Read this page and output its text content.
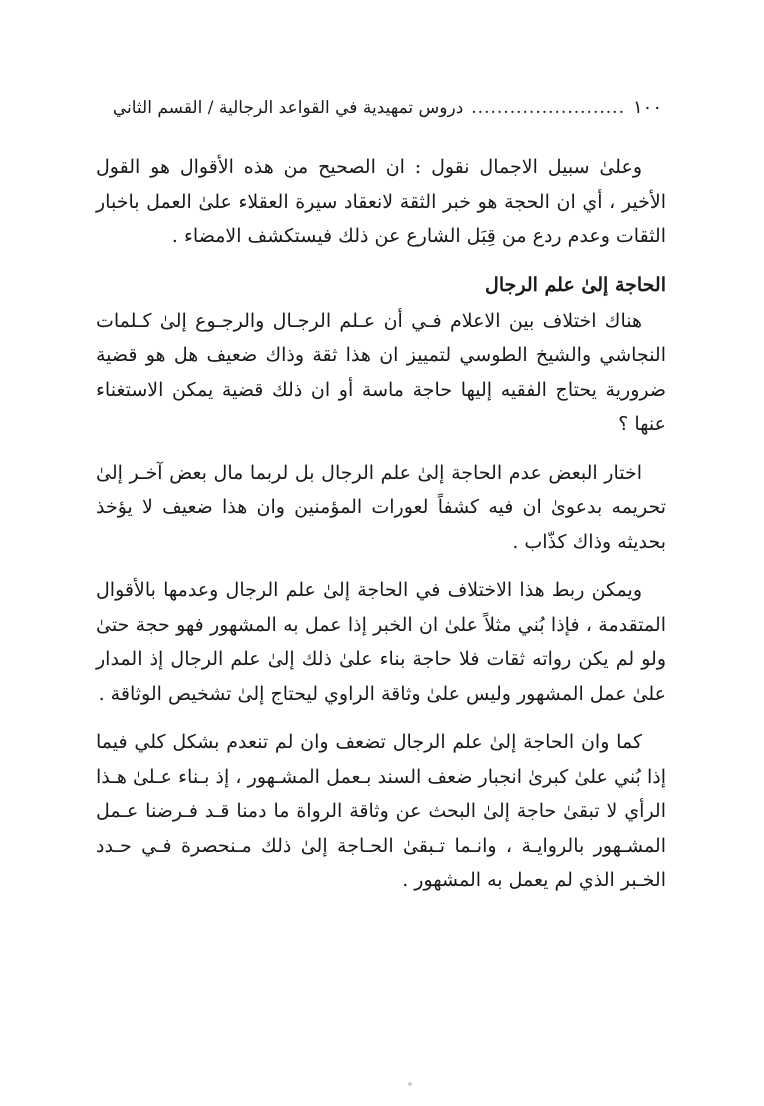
١٠٠
........................
دروس تمهيدية في القواعد الرجالية / القسم الثاني

وعلىٰ سبيل الاجمال نقول : ان الصحيح من هذه الأقوال هو القول الأخير ، أي ان الحجة هو خبر الثقة لانعقاد سيرة العقلاء علىٰ العمل باخبار الثقات وعدم ردع من قِبَل الشارع عن ذلك فيستكشف الامضاء .

الحاجة إلىٰ علم الرجال

هناك اختلاف بين الاعلام فـي أن عـلم الرجـال والرجـوع إلىٰ كـلمات النجاشي والشيخ الطوسي لتمييز ان هذا ثقة وذاك ضعيف هل هو قضية ضرورية يحتاج الفقيه إليها حاجة ماسة أو ان ذلك قضية يمكن الاستغناء عنها ؟

اختار البعض عدم الحاجة إلىٰ علم الرجال بل لربما مال بعض آخـر إلىٰ تحريمه بدعوىٰ ان فيه كشفاً لعورات المؤمنين وان هذا ضعيف لا يؤخذ بحديثه وذاك كذّاب .

ويمكن ربط هذا الاختلاف في الحاجة إلىٰ علم الرجال وعدمها بالأقوال المتقدمة ، فإذا بُني مثلاً علىٰ ان الخبر إذا عمل به المشهور فهو حجة حتىٰ ولو لم يكن رواته ثقات فلا حاجة بناء علىٰ ذلك إلىٰ علم الرجال إذ المدار علىٰ عمل المشهور وليس علىٰ وثاقة الراوي ليحتاج إلىٰ تشخيص الوثاقة .

كما وان الحاجة إلىٰ علم الرجال تضعف وان لم تنعدم بشكل كلي فيما إذا بُني علىٰ كبرىٰ انجبار ضعف السند بـعمل المشـهور ، إذ بـناء عـلىٰ هـذا الرأي لا تبقىٰ حاجة إلىٰ البحث عن وثاقة الرواة ما دمنا قـد فـرضنا عـمل المشـهور بالروايـة ، وانـما تـبقىٰ الحـاجة إلىٰ ذلك مـنحصرة فـي حـدد الخـبر الذي لم يعمل به المشهور .
